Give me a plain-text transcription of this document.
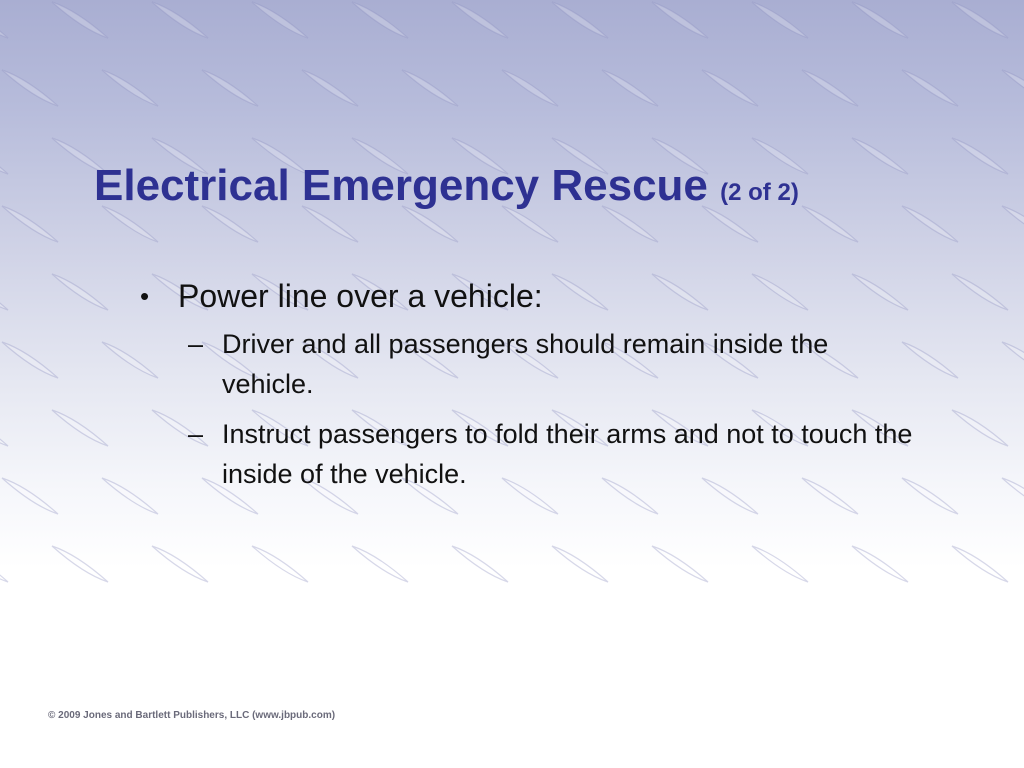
Electrical Emergency Rescue (2 of 2)
• Power line over a vehicle:
– Driver and all passengers should remain inside the vehicle.
– Instruct passengers to fold their arms and not to touch the inside of the vehicle.
© 2009 Jones and Bartlett Publishers, LLC (www.jbpub.com)
